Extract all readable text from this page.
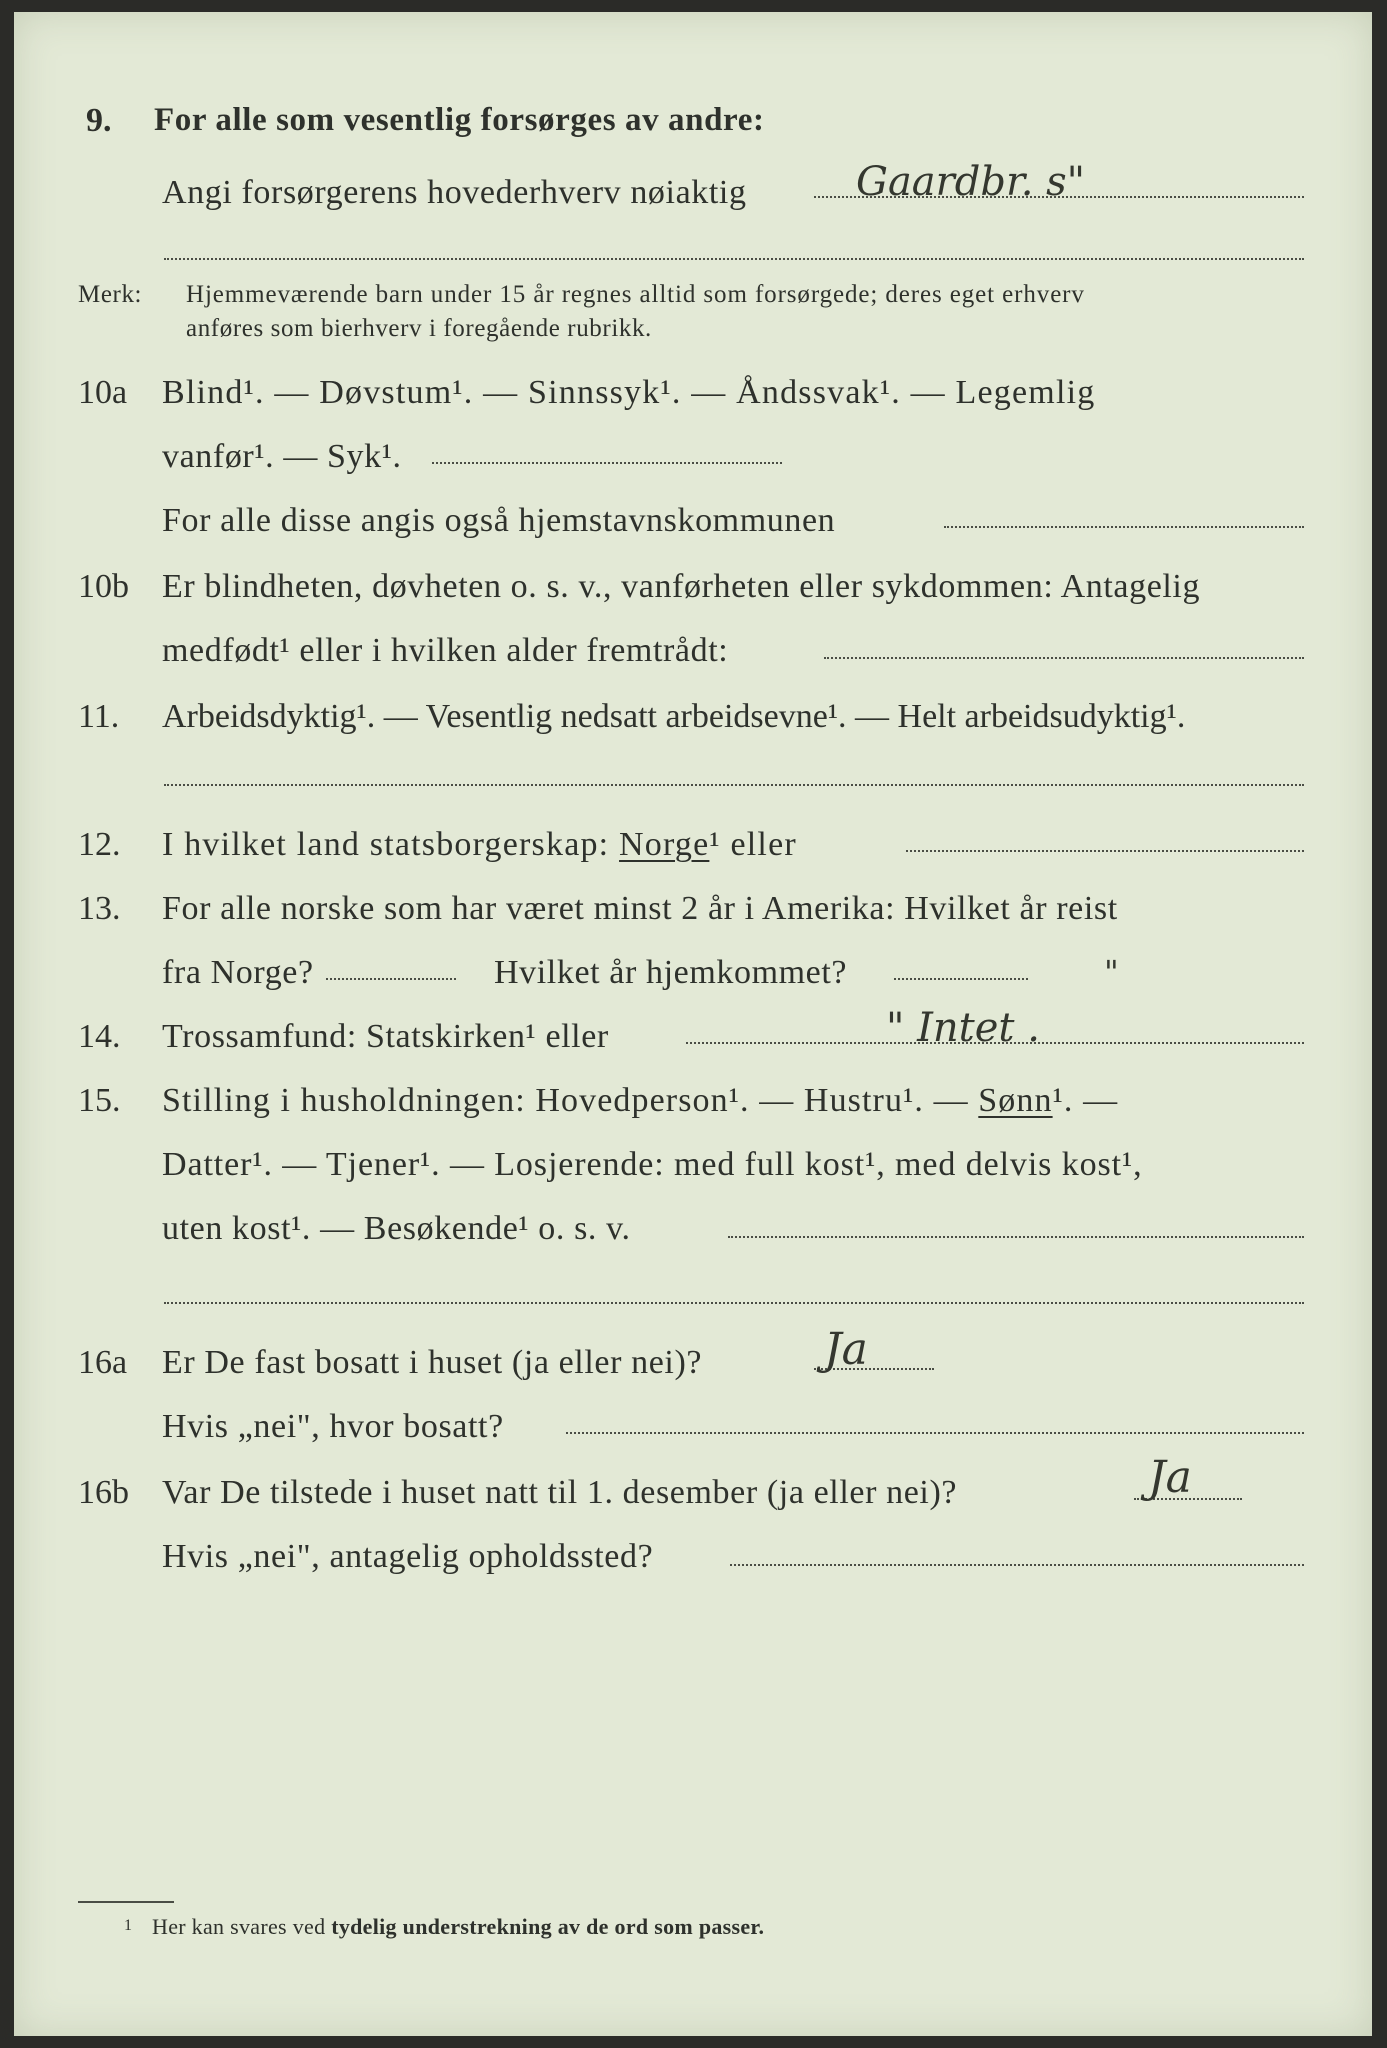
9. For alle som vesentlig forsørges av andre:
Angi forsørgerens hovederhverv nøiaktig	Gaardbr. s"
Merk: Hjemmeværende barn under 15 år regnes alltid som forsørgede; deres eget erhverv
anføres som bierhverv i foregående rubrikk.
10a Blind¹. — Døvstum¹. — Sinnssyk¹. — Åndssvak¹. — Legemlig
vanfør¹. — Syk¹.
For alle disse angis også hjemstavnskommunen
10b Er blindheten, døvheten o. s. v., vanførheten eller sykdommen: Antagelig
medfødt¹ eller i hvilken alder fremtrådt:
11. Arbeidsdyktig¹. — Vesentlig nedsatt arbeidsevne¹. — Helt arbeidsudyktig¹.
12. I hvilket land statsborgerskap: Norge¹ eller
13. For alle norske som har været minst 2 år i Amerika: Hvilket år reist
fra Norge?	Hvilket år hjemkommet?	"
14. Trossamfund: Statskirken¹ eller	" Intet .
15. Stilling i husholdningen: Hovedperson¹. — Hustru¹. — Sønn¹. —
Datter¹. — Tjener¹. — Losjerende: med full kost¹, med delvis kost¹,
uten kost¹. — Besøkende¹ o. s. v.
16a Er De fast bosatt i huset (ja eller nei)?	Ja
Hvis „nei", hvor bosatt?
16b Var De tilstede i huset natt til 1. desember (ja eller nei)?	Ja
Hvis „nei", antagelig opholdssted?
1 Her kan svares ved tydelig understrekning av de ord som passer.
